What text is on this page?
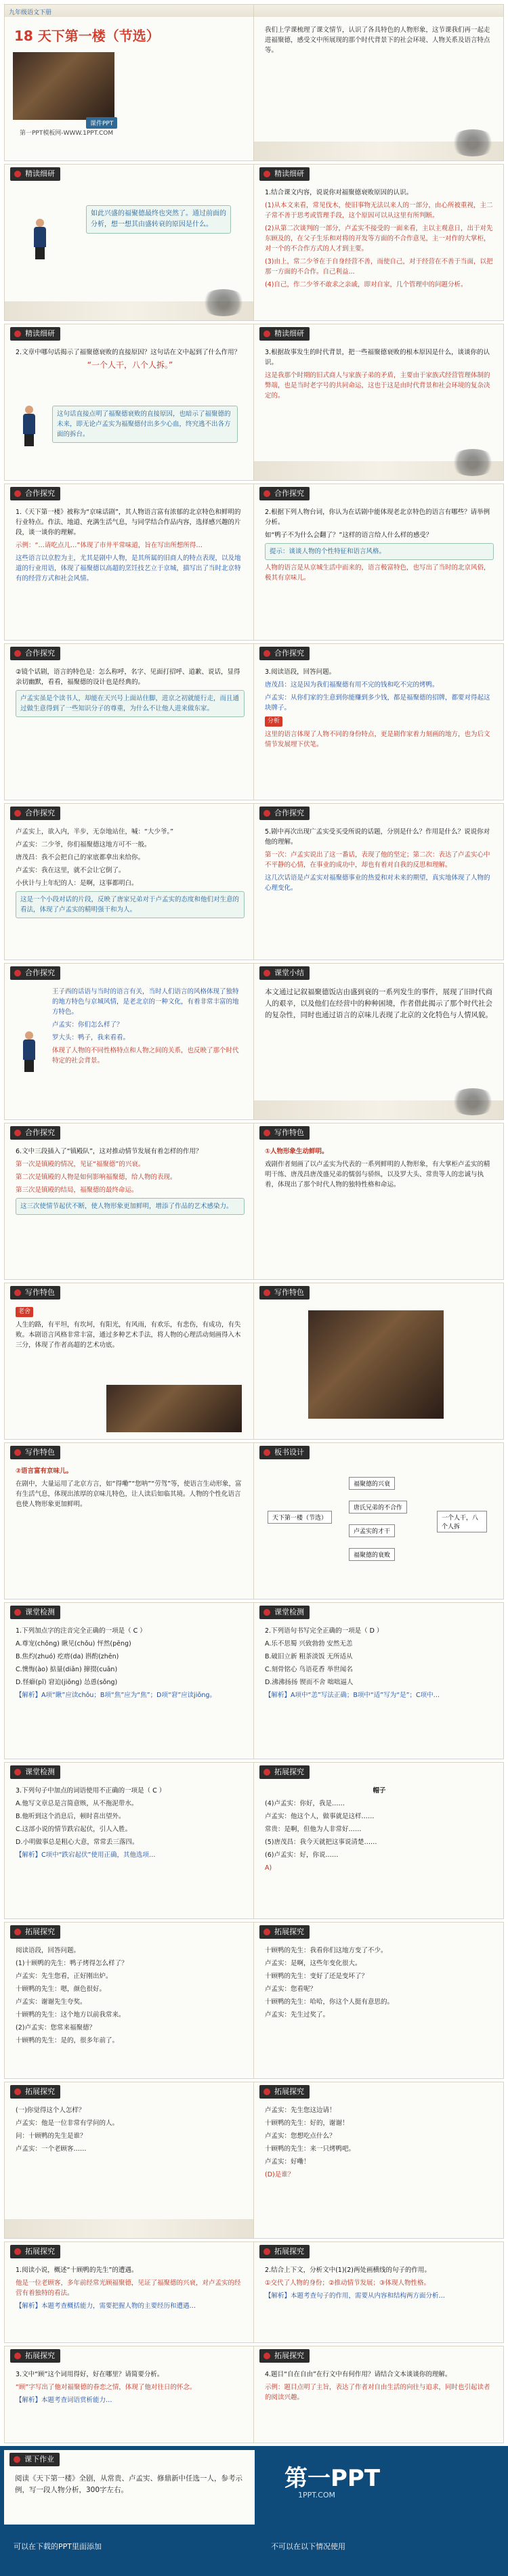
九年级语文下册
18 天下第一楼（节选）
第一PPT模板网-WWW.1PPT.COM
课件PPT
我们上学课梳理了课文情节，认识了各具特色的人物形象，这节课我们再一起走进福聚德，感受文中所展现的那个时代背景下的社会环境、人物关系及语言特点等。
精读细研
如此兴盛的福聚德最终也突然了。通过前面的分析，想一想其由盛转衰的原因是什么。
精读细研

1.结合课文内容，说说你对福聚德衰败原因的认识。

(1)从本文来看，常见伐木，使旧事物无法以来人的一部分，由心所被重视，主二子常不善于思考或管理手段，这个原因可以从这里有所判断。

(2)从第二次谈判的一部分，卢孟实不接受的一面来看，主以主观意日，出于对先东顾及的，在父子生乐和对将的开发等方面的不合作意见，主一对作的大掌柜，对一个的不合作方式的人才到主要。

(3)由上，常二少爷在于自身经营不善，而使自己，对于经营在不善于当面，以把那一方面的不合作。自己利益...

(4)自己，作二少爷不敢求之亲戚，即对自家，几个管理中的问题分析。

精读细研

2.文章中哪句话揭示了福聚德衰败的直接原因？这句话在文中起到了什么作用？

“一个人干，八个人拆。”

这句话直接点明了福聚德衰败的直接原因，也暗示了福聚德的未来，即无论卢孟实为福聚德付出多少心血，终究逃不出各方面的拆台。
精读细研

3.根据故事发生的时代背景，把一些福聚德衰败的根本原因是什么，谈谈你的认识。

这是我那个时期的旧式商人与家族子弟的矛盾，主要由于家族式经营管理体制的弊端，也是当时老字号的共同命运，这也于这是由时代背景和社会环境的复杂决定的。

合作探究

1.《天下第一楼》被称为“京味话剧”，其人物语言富有浓郁的北京特色和鲜明的行业特点。作法、地道、充满生活气息，与同学结合作品内容，选择感兴趣的片段，谈一谈你的理解。

示例：“…请吃点儿…”体现了市井平常味道，旨在写出所想所得…

这些语言以京腔为主，尤其是剧中人物，是其所属的旧商人的特点表现，以及地道的行业用语，体现了福聚德以高超的烹饪技艺立于京城，描写出了当时北京特有的经营方式和社会风情。

合作探究

2.根据下列人物台词，你认为在话剧中能体现老北京特色的语言有哪些？请举例分析。

如“鸭子不为什么会翻了？”这样的语言给人什么样的感受？

提示：谈谈人物的个性特征和语言风格。

人物的语言是从京城生活中而来的，语言极富特色，也写出了当时的北京风俗，极其有京味儿。

合作探究

②镜个话剧，语言的特色是：怎么称呼，名字、见面打招呼、道歉、说话，显得亲切幽默，看看，福聚德的设计也是经典的。

卢孟实虽是个读书人，却能在天兴号上面站住脚，进京之初就能行走，而且通过做生意得到了一些知识分子的尊重，为什么不让他人进来做东家。

合作探究

3.阅读语段，回答问题。

唐茂昌：这是因为我们福聚德有用不完的钱和吃不完的烤鸭。

卢孟实：从你们家的生意到你能赚到多少钱，都是福聚德的招牌，都要对得起这块牌子。

分析

这里的语言体现了人物不同的身份特点，更是剧作家着力刻画的地方，也为后文情节发展埋下伏笔。

合作探究

卢孟实上，欲入内，半步，无奈地站住，喊：“大少爷。”

卢孟实：二少爷，你们福聚德这地方可不一般。

唐茂昌：我不会把自己的家底都拿出来给你。

卢孟实：我在这里，就不会让它倒了。

小伙计与上年纪的人：是啊，这事都明白。

这是一个小段对话的片段，反映了唐家兄弟对于卢孟实的态度和他们对生意的看法，体现了卢孟实的精明强干和为人。

合作探究

5.剧中再次出现广孟实受买受所说的话题，分别是什么？作用是什么？说说你对他的理解。

第一次：卢孟实说出了这一番话，表现了他的坚定；第二次：表达了卢孟实心中不平静的心情，在事业的成功中，却也有着对自我的反思和理解。

这几次话语是卢孟实对福聚德事业的热爱和对未来的期望，真实地体现了人物的心理变化。

合作探究

王子西的话语与当时的语言有关，当时人们语言的风格体现了独特的地方特色与京城风情，是老北京的一种文化，有着非常丰富的地方特色。

卢孟实：你们怎么样了？

罗大头：鸭子，我来看看。

体现了人物的不同性格特点和人物之间的关系，也反映了那个时代特定的社会背景。

课堂小结
本文通过记叙福聚德饭店由盛到衰的一系列发生的事件，展现了旧时代商人的艰辛，以及他们在经营中的种种困境，作者借此揭示了那个时代社会的复杂性，同时也通过语言的京味儿表现了北京的文化特色与人情风貌。
合作探究

6.文中三段插入了“镇殿队”，这对推动情节发展有着怎样的作用？

第一次是镇殿的情况，见证“福聚德”的兴衰。

第二次是镇殿的人物是如何影响福聚德，给人物的表现。

第三次是镇殿的结局，福聚德的最终命运。

这三次使情节起伏不断，使人物形象更加鲜明，增添了作品的艺术感染力。

写作特色

①人物形象生动鲜明。

戏剧作者刻画了以卢孟实为代表的一系列鲜明的人物形象，有大掌柜卢孟实的精明干练、唐茂昌唐茂盛兄弟的懦弱与骄纵，以及罗大头、常贵等人的忠诚与执着，体现出了那个时代人物的独特性格和命运。

写作特色

老舍

人生的路，有平坦，有坎坷，有阳光，有风雨，有欢乐，有悲伤，有成功，有失败。本剧语言风格非常丰富，通过多种艺术手法，将人物的心理活动刻画得入木三分，体现了作者高超的艺术功底。

写作特色
写作特色

②语言富有京味儿。

在剧中，大量运用了北京方言，如“得嘞”“您呐”“劳驾”等，使语言生动形象，富有生活气息，体现出浓厚的京味儿特色，让人读后如临其境。人物的个性化语言也使人物形象更加鲜明。

板书设计
天下第一楼（节选）
福聚德的兴衰
唐氏兄弟的不合作
卢孟实的才干
福聚德的衰败
一个人干，八个人拆
课堂检测

1.下列加点字的注音完全正确的一项是（ C ）

A.尊宠(chǒng) 瞅见(chǒu) 怦然(pēng)

B.焦灼(zhuó) 疙瘩(da) 斟酌(zhēn)

C.懊悔(ào) 掂量(diān) 撺掇(cuān)

D.怪癖(pǐ) 窘迫(jiǒng) 怂恿(sǒng)

【解析】A项“瞅”应读chǒu；B项“焦”应为“焦”；D项“窘”应读jiǒng。

课堂检测

2.下列语句书写完全正确的一项是（ D ）

A.乐不思蜀 兴致勃勃 安然无恙

B.破旧立新 粗茶淡饭 无所适从

C.刻骨铭心 鸟语花香 举世闻名

D.沸沸扬扬 锲而不舍 咄咄逼人

【解析】A项中“恙”写法正确；B项中“适”写为“是”；C项中…

课堂检测

3.下列句子中加点的词语使用不正确的一项是（ C ）

A.他写文章总是言简意赅，从不拖泥带水。

B.他听到这个消息后，顿时喜出望外。

C.这部小说的情节跌宕起伏，引人入胜。

D.小明做事总是粗心大意，常常丢三落四。

【解析】C项中“跌宕起伏”使用正确，其他选项…

拓展探究

帽子

(4)卢孟实：你好，我是……

卢孟实：他这个人，做事就是这样……

常贵：是啊，但他为人非常好……

(5)唐茂昌：我今天就把这事说清楚……

(6)卢孟实：好，你说……

A)

拓展探究

阅读语段，回答问题。

(1)十顾鸭的先生：鸭子烤得怎么样了？

卢孟实：先生您看，正好刚出炉。

十顾鸭的先生：嗯，颜色很好。

卢孟实：谢谢先生夸奖。

十顾鸭的先生：这个地方以前我常来。

(2)卢孟实：您常来福聚德？

十顾鸭的先生：是的，很多年前了。

拓展探究

十顾鸭的先生：我看你们这地方变了不少。

卢孟实：是啊，这些年变化很大。

十顾鸭的先生：变好了还是变坏了？

卢孟实：您看呢？

十顾鸭的先生：哈哈，你这个人挺有意思的。

卢孟实：先生过奖了。

拓展探究

(一)你觉得这个人怎样？

卢孟实：他是一位非常有学问的人。

问：十顾鸭的先生是谁？

卢孟实：一个老顾客……

拓展探究

卢孟实：先生您这边请！

十顾鸭的先生：好的，谢谢！

卢孟实：您想吃点什么？

十顾鸭的先生：来一只烤鸭吧。

卢孟实：好嘞！

(D)是谁？

拓展探究

1.阅读小说，概述“十顾鸭的先生”的遭遇。

他是一位老顾客，多年前经常光顾福聚德，见证了福聚德的兴衰，对卢孟实的经营有着独特的看法。

【解析】本题考查概括能力，需要把握人物的主要经历和遭遇…

拓展探究

2.结合上下文，分析文中(1)(2)两处画横线的句子的作用。

①交代了人物的身份；②推动情节发展；③体现人物性格。

【解析】本题考查句子的作用，需要从内容和结构两方面分析…

拓展探究

3.文中“顾”这个词用得好，好在哪里？请简要分析。

“顾”字写出了他对福聚德的眷恋之情，体现了他对往日的怀念。

【解析】本题考查词语赏析能力…

拓展探究

4.题目“自在自由”在行文中有何作用？请结合文本谈谈你的理解。

示例：题目点明了主旨，表达了作者对自由生活的向往与追求，同时也引起读者的阅读兴趣。

课下作业
阅读《天下第一楼》全剧，从常贵、卢孟实、修鼎新中任选一人，参考示例，写一段人物分析，300字左右。	第一PPT
1PPT.COM
可以在下载的PPT里面添加	不可以在以下情况使用
